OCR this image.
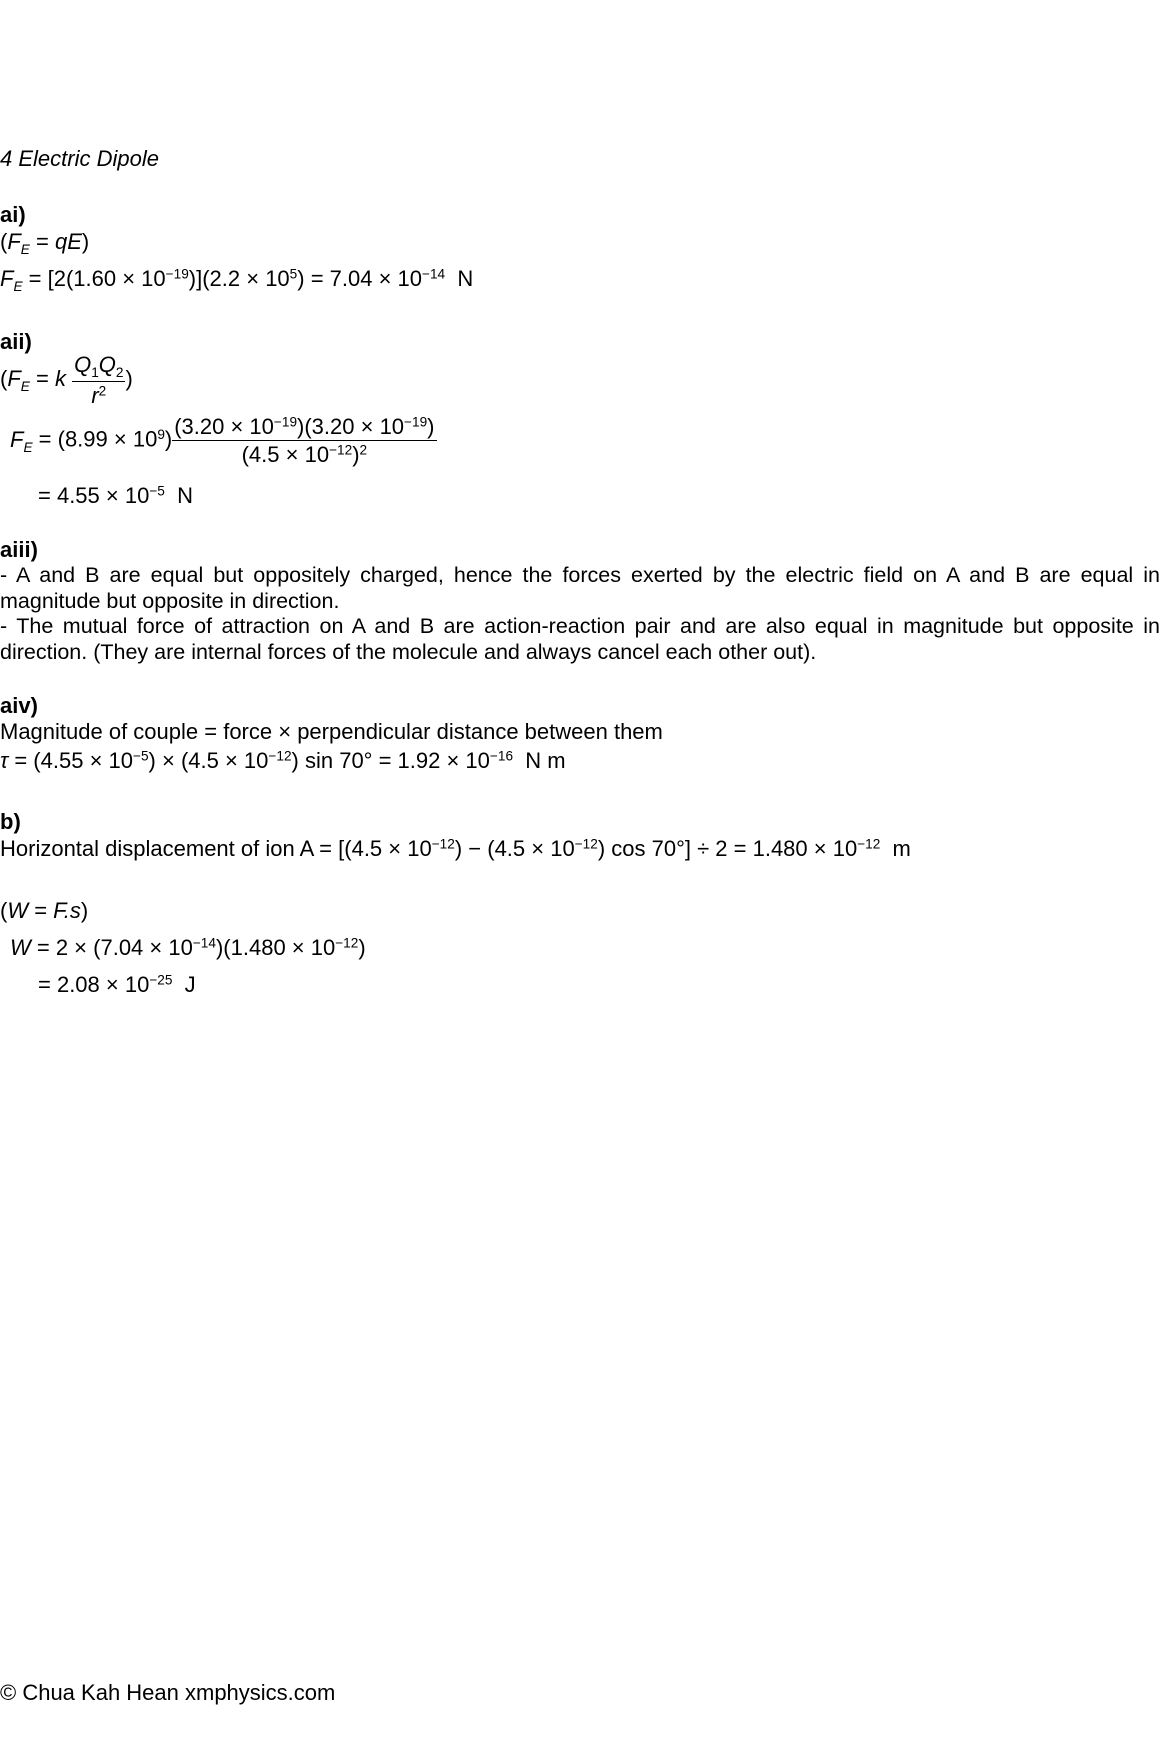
4 Electric Dipole
ai)
$(F_E = qE)$
$F_E = [2(1.60 \times 10^{-19})](2.2 \times 10^5) = 7.04 \times 10^{-14}$  N
aii)
($F_E = k \frac{Q_1Q_2}{r^2}$ )
$F_E = (8.99 \times 10^9) \frac{(3.20 \times 10^{-19})(3.20 \times 10^{-19})}{(4.5 \times 10^{-12})^2}$
= $4.55 \times 10^{-5}$  N
aiii)
- A and B are equal but oppositely charged, hence the forces exerted by the electric field on A and B are equal in magnitude but opposite in direction.
- The mutual force of attraction on A and B are action-reaction pair and are also equal in magnitude but opposite in direction. (They are internal forces of the molecule and always cancel each other out).
aiv)
Magnitude of couple = force × perpendicular distance between them
$\tau = (4.55 \times 10^{-5}) \times (4.5 \times 10^{-12})$ $\sin 70^\circ = 1.92 \times 10^{-16}$  N m
b)
Horizontal displacement of ion $A = [(4.5 \times 10^{-12}) - (4.5 \times 10^{-12})$ $\cos 70^\circ] \div 2 = 1.480 \times 10^{-12}$  m
(W = F.s)
$W = 2 \times (7.04 \times 10^{-14})(1.480 \times 10^{-12})$
= $2.08 \times 10^{-25}$  J
© Chua Kah Hean xmphysics.com
